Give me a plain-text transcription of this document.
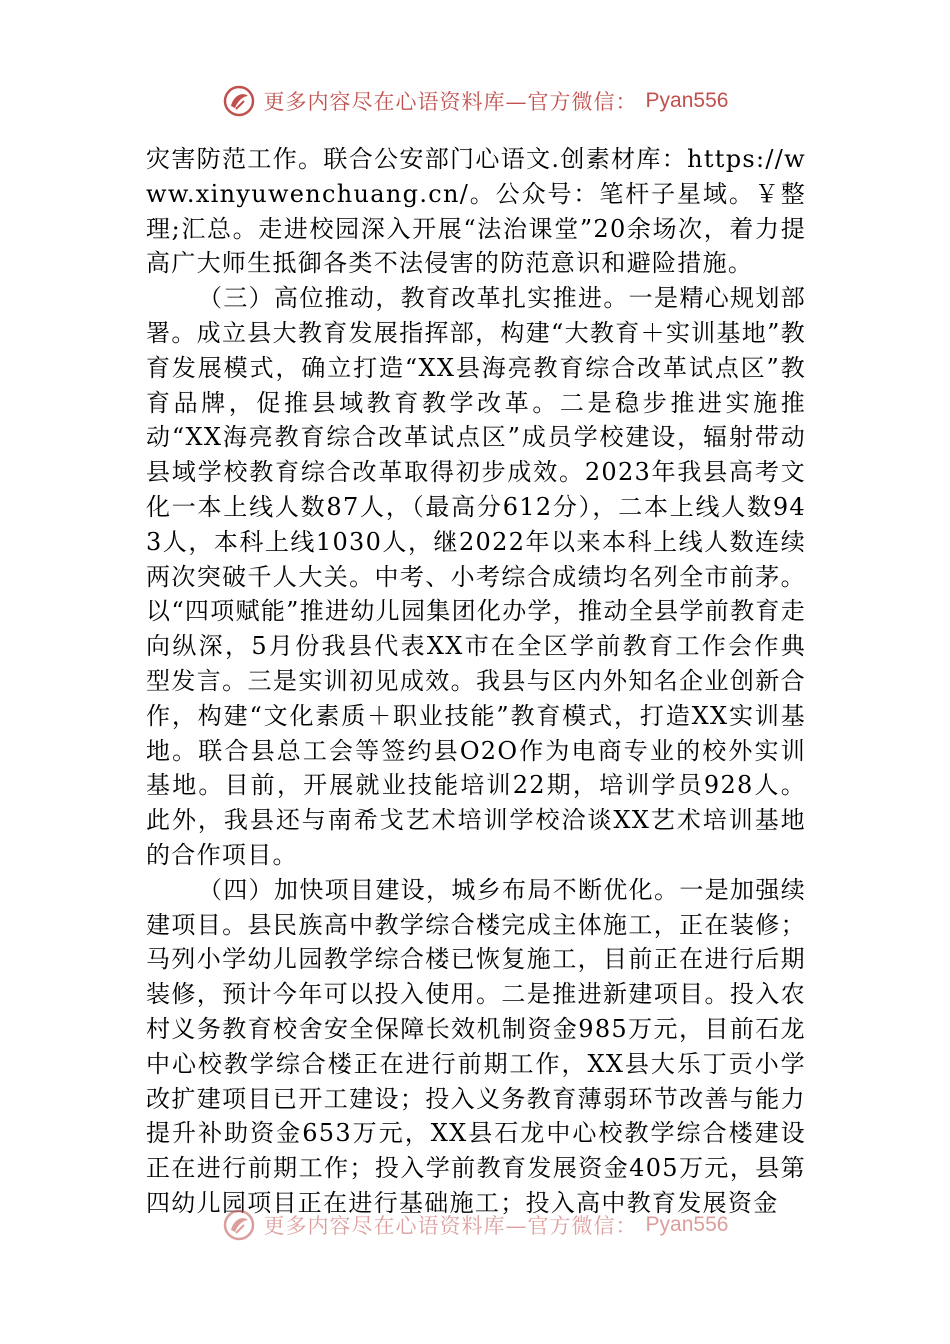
更多内容尽在心语资料库—官方微信： Pyan556

灾害防范工作。联合公安部门心语文.创素材库：https://www.xinyuwenchuang.cn/。公众号：笔杆子星域。￥整理;汇总。走进校园深入开展“法治课堂”20余场次，着力提高广大师生抵御各类不法侵害的防范意识和避险措施。

（三）高位推动，教育改革扎实推进。一是精心规划部署。成立县大教育发展指挥部，构建“大教育＋实训基地”教育发展模式，确立打造“XX县海亮教育综合改革试点区”教育品牌，促推县域教育教学改革。二是稳步推进实施推动“XX海亮教育综合改革试点区”成员学校建设，辐射带动县域学校教育综合改革取得初步成效。2023年我县高考文化一本上线人数87人，（最高分612分），二本上线人数943人，本科上线1030人，继2022年以来本科上线人数连续两次突破千人大关。中考、小考综合成绩均名列全市前茅。以“四项赋能”推进幼儿园集团化办学，推动全县学前教育走向纵深，5月份我县代表XX市在全区学前教育工作会作典型发言。三是实训初见成效。我县与区内外知名企业创新合作，构建“文化素质＋职业技能”教育模式，打造XX实训基地。联合县总工会等签约县O2O作为电商专业的校外实训基地。目前，开展就业技能培训22期，培训学员928人。此外，我县还与南希戈艺术培训学校洽谈XX艺术培训基地的合作项目。

（四）加快项目建设，城乡布局不断优化。一是加强续建项目。县民族高中教学综合楼完成主体施工，正在装修；马列小学幼儿园教学综合楼已恢复施工，目前正在进行后期装修，预计今年可以投入使用。二是推进新建项目。投入农村义务教育校舍安全保障长效机制资金985万元，目前石龙中心校教学综合楼正在进行前期工作，XX县大乐丁贡小学改扩建项目已开工建设；投入义务教育薄弱环节改善与能力提升补助资金653万元，XX县石龙中心校教学综合楼建设正在进行前期工作；投入学前教育发展资金405万元，县第四幼儿园项目正在进行基础施工；投入高中教育发展资金

更多内容尽在心语资料库—官方微信： Pyan556
